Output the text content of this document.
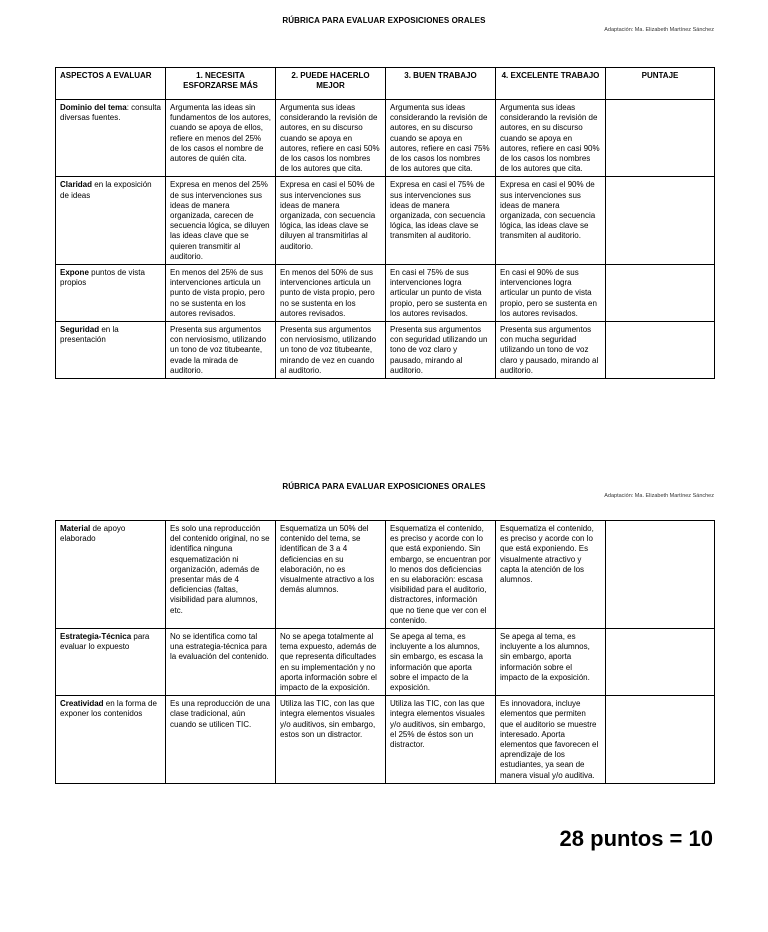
RÚBRICA PARA EVALUAR EXPOSICIONES ORALES
Adaptación: Ma. Elizabeth Martínez Sánchez
ASPECTOS A EVALUAR	1. NECESITA ESFORZARSE MÁS	2. PUEDE HACERLO MEJOR	3. BUEN TRABAJO	4. EXCELENTE TRABAJO	PUNTAJE
Dominio del tema: consulta diversas fuentes.	Argumenta las ideas sin fundamentos de los autores, cuando se apoya de ellos, refiere en menos del 25% de los casos el nombre de autores de quién cita.	Argumenta sus ideas considerando la revisión de autores, en su discurso cuando se apoya en autores, refiere en casi 50% de los casos los nombres de los autores que cita.	Argumenta sus ideas considerando la revisión de autores, en su discurso cuando se apoya en autores, refiere en casi 75% de los casos los nombres de los autores que cita.	Argumenta sus ideas considerando la revisión de autores, en su discurso cuando se apoya en autores, refiere en casi 90% de los casos los nombres de los autores que cita.	
Claridad en la exposición de ideas	Expresa en menos del 25% de sus intervenciones sus ideas de manera organizada, carecen de secuencia lógica, se diluyen las ideas clave que se quieren transmitir al auditorio.	Expresa en casi el 50% de sus intervenciones sus ideas de manera organizada, con secuencia lógica, las ideas clave se diluyen al transmitirlas al auditorio.	Expresa en casi el 75% de sus intervenciones sus ideas de manera organizada, con secuencia lógica, las ideas clave se transmiten al auditorio.	Expresa en casi el 90% de sus intervenciones sus ideas de manera organizada, con secuencia lógica, las ideas clave se transmiten al auditorio.	
Expone puntos de vista propios	En menos del 25% de sus intervenciones articula un punto de vista propio, pero no se sustenta en los autores revisados.	En menos del 50% de sus intervenciones articula un punto de vista propio, pero no se sustenta en los autores revisados.	En casi el 75% de sus intervenciones logra articular un punto de vista propio, pero se sustenta en los autores revisados.	En casi el 90% de sus intervenciones logra articular un punto de vista propio, pero se sustenta en los autores revisados.	
Seguridad en la presentación	Presenta sus argumentos con nerviosismo, utilizando un tono de voz titubeante, evade la mirada de auditorio.	Presenta sus argumentos con nerviosismo, utilizando un tono de voz titubeante, mirando de vez en cuando al auditorio.	Presenta sus argumentos con seguridad utilizando un tono de voz claro y pausado, mirando al auditorio.	Presenta sus argumentos con mucha seguridad utilizando un tono de voz claro y pausado, mirando al auditorio.	
RÚBRICA PARA EVALUAR EXPOSICIONES ORALES
Adaptación: Ma. Elizabeth Martínez Sánchez
Material de apoyo elaborado	Es solo una reproducción del contenido original, no se identifica ninguna esquematización ni organización, además de presentar más de 4 deficiencias (faltas, visibilidad para alumnos, etc.	Esquematiza un 50% del contenido del tema, se identifican de 3 a 4 deficiencias en su elaboración, no es visualmente atractivo a los demás alumnos.	Esquematiza el contenido, es preciso y acorde con lo que está exponiendo. Sin embargo, se encuentran por lo menos dos deficiencias en su elaboración: escasa visibilidad para el auditorio, distractores, información que no tiene que ver con el contenido.	Esquematiza el contenido, es preciso y acorde con lo que está exponiendo. Es visualmente atractivo y capta la atención de los alumnos.	
Estrategia-Técnica para evaluar lo expuesto	No se identifica como tal una estrategia-técnica para la evaluación del contenido.	No se apega totalmente al tema expuesto, además de que representa dificultades en su implementación y no aporta información sobre el impacto de la exposición.	Se apega al tema, es incluyente a los alumnos, sin embargo, es escasa la información que aporta sobre el impacto de la exposición.	Se apega al tema, es incluyente a los alumnos, sin embargo, aporta información sobre el impacto de la exposición.	
Creatividad en la forma de exponer los contenidos	Es una reproducción de una clase tradicional, aún cuando se utilicen TIC.	Utiliza las TIC, con las que integra elementos visuales y/o auditivos, sin embargo, estos son un distractor.	Utiliza las TIC, con las que integra elementos visuales y/o auditivos, sin embargo, el 25% de éstos son un distractor.	Es innovadora, incluye elementos que permiten que el auditorio se muestre interesado. Aporta elementos que favorecen el aprendizaje de los estudiantes, ya sean de manera visual y/o auditiva.	
28 puntos = 10
